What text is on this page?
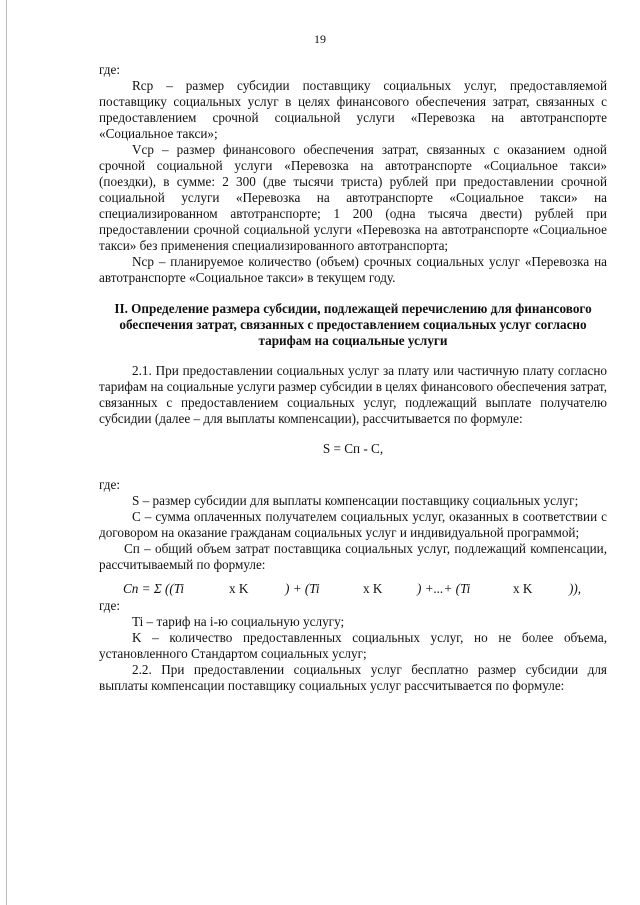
19

где:

Rср – размер субсидии поставщику социальных услуг, предоставляемой поставщику социальных услуг в целях финансового обеспечения затрат, связанных с предоставлением срочной социальной услуги «Перевозка на автотранспорте «Социальное такси»;

Vср – размер финансового обеспечения затрат, связанных с оказанием одной срочной социальной услуги «Перевозка на автотранспорте «Социальное такси» (поездки), в сумме: 2 300 (две тысячи триста) рублей при предоставлении срочной социальной услуги «Перевозка на автотранспорте «Социальное такси» на специализированном автотранспорте; 1 200 (одна тысяча двести) рублей при предоставлении срочной социальной услуги «Перевозка на автотранспорте «Социальное такси» без применения специализированного автотранспорта;

Nср – планируемое количество (объем) срочных социальных услуг «Перевозка на автотранспорте «Социальное такси» в текущем году.

II. Определение размера субсидии, подлежащей перечислению для финансового обеспечения затрат, связанных с предоставлением социальных услуг согласно тарифам на социальные услуги

2.1. При предоставлении социальных услуг за плату или частичную плату согласно тарифам на социальные услуги размер субсидии в целях финансового обеспечения затрат, связанных с предоставлением социальных услуг, подлежащий выплате получателю субсидии (далее – для выплаты компенсации), рассчитывается по формуле:

S = Сп - С,

где:

S – размер субсидии для выплаты компенсации поставщику социальных услуг;

С – сумма оплаченных получателем социальных услуг, оказанных в соответствии с договором на оказание гражданам социальных услуг и индивидуальной программой;

Сп – общий объем затрат поставщика социальных услуг, подлежащий компенсации, рассчитываемый по формуле:

Сп = Σ ((Ti	x K	) + (Ti	x K	) +...+ (Ti	x K	)),

где:

Ti – тариф на i-ю социальную услугу;

K – количество предоставленных социальных услуг, но не более объема, установленного Стандартом социальных услуг;

2.2. При предоставлении социальных услуг бесплатно размер субсидии для выплаты компенсации поставщику социальных услуг рассчитывается по формуле:
